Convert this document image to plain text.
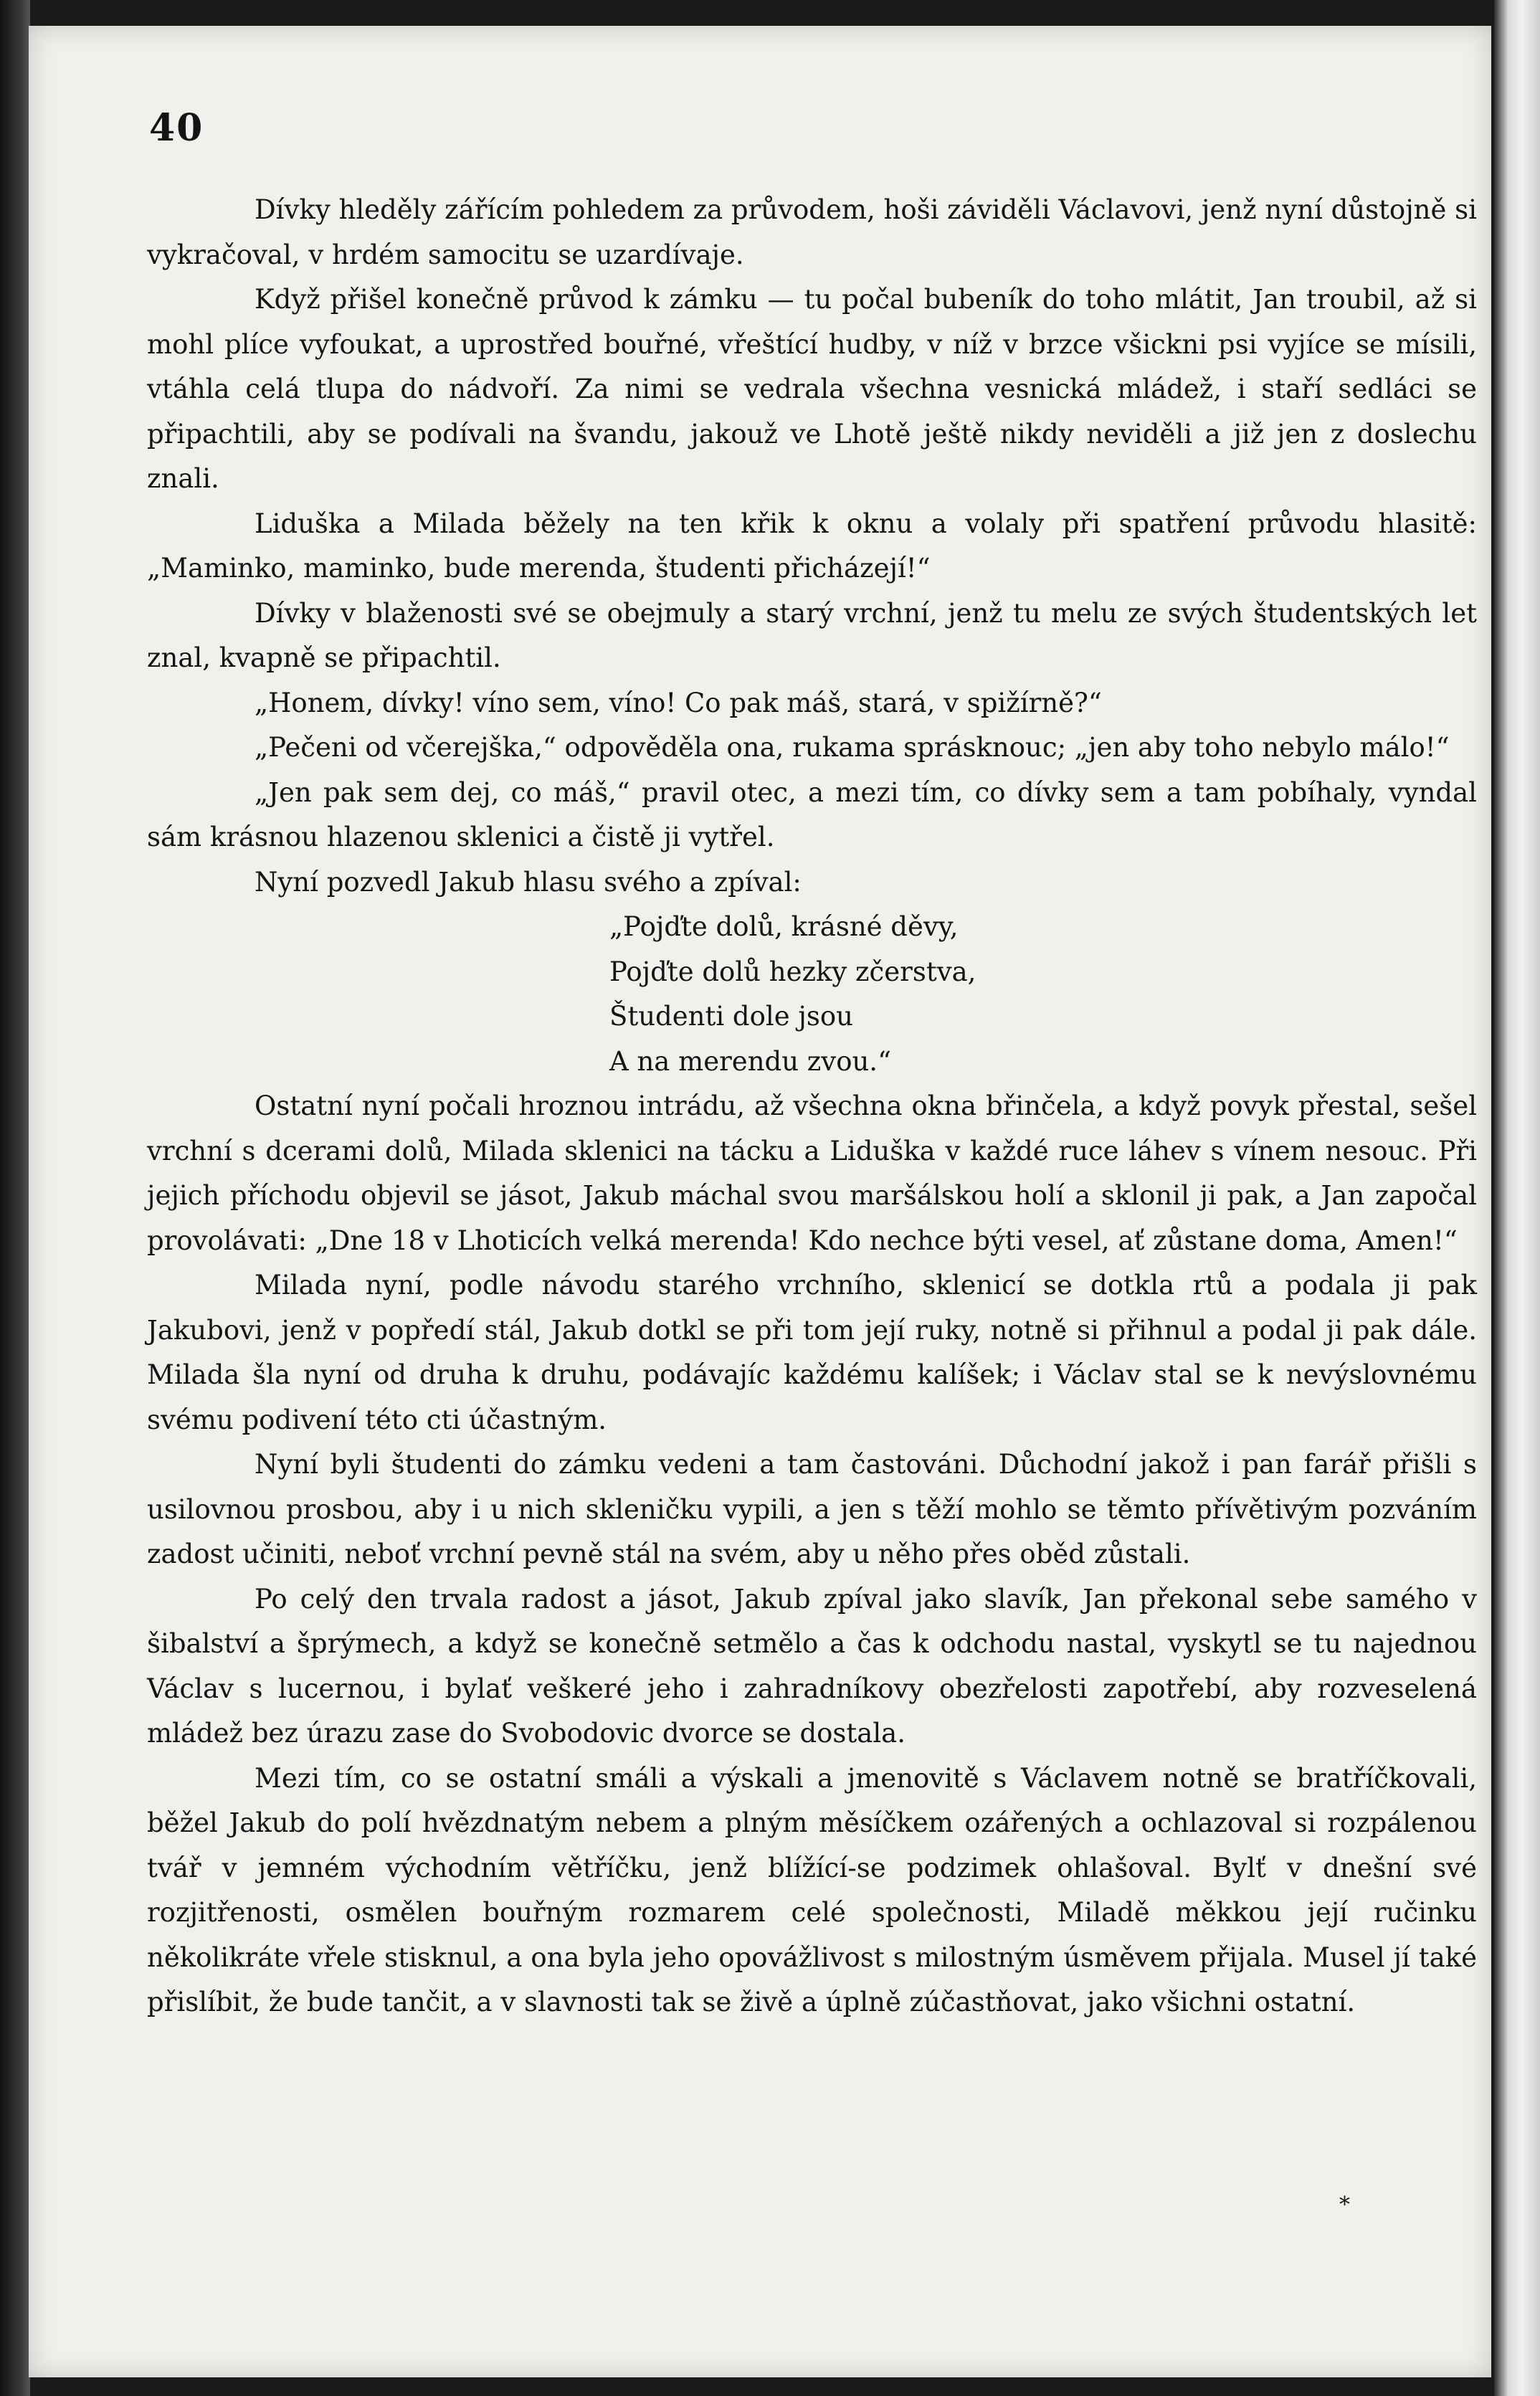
40

Dívky hleděly zářícím pohledem za průvodem, hoši záviděli Václavovi, jenž nyní důstojně si vykračoval, v hrdém samocitu se uzardívaje.

Když přišel konečně průvod k zámku — tu počal bubeník do toho mlátit, Jan troubil, až si mohl plíce vyfoukat, a uprostřed bouřné, vřeštící hudby, v níž v brzce všickni psi vyjíce se mísili, vtáhla celá tlupa do nádvoří. Za nimi se vedrala všechna vesnická mládež, i staří sedláci se připachtili, aby se podívali na švandu, jakouž ve Lhotě ještě nikdy neviděli a již jen z doslechu znali.

Liduška a Milada běžely na ten křik k oknu a volaly při spatření průvodu hlasitě: „Maminko, maminko, bude merenda, študenti přicházejí!“

Dívky v blaženosti své se obejmuly a starý vrchní, jenž tu melu ze svých študentských let znal, kvapně se připachtil.

„Honem, dívky! víno sem, víno! Co pak máš, stará, v spižírně?“

„Pečeni od včerejška,“ odpověděla ona, rukama sprásknouc; „jen aby toho nebylo málo!“

„Jen pak sem dej, co máš,“ pravil otec, a mezi tím, co dívky sem a tam pobíhaly, vyndal sám krásnou hlazenou sklenici a čistě ji vytřel.

Nyní pozvedl Jakub hlasu svého a zpíval:

„Pojďte dolů, krásné děvy,
Pojďte dolů hezky zčerstva,
Študenti dole jsou
A na merendu zvou.“

Ostatní nyní počali hroznou intrádu, až všechna okna břinčela, a když povyk přestal, sešel vrchní s dcerami dolů, Milada sklenici na tácku a Liduška v každé ruce láhev s vínem nesouc. Při jejich příchodu objevil se jásot, Jakub máchal svou maršálskou holí a sklonil ji pak, a Jan započal provolávati: „Dne 18 v Lhoticích velká merenda! Kdo nechce býti vesel, ať zůstane doma, Amen!“

Milada nyní, podle návodu starého vrchního, sklenicí se dotkla rtů a podala ji pak Jakubovi, jenž v popředí stál, Jakub dotkl se při tom její ruky, notně si přihnul a podal ji pak dále. Milada šla nyní od druha k druhu, podávajíc každému kalíšek; i Václav stal se k nevýslovnému svému podivení této cti účastným.

Nyní byli študenti do zámku vedeni a tam častováni. Důchodní jakož i pan farář přišli s usilovnou prosbou, aby i u nich skleničku vypili, a jen s těží mohlo se těmto přívětivým pozváním zadost učiniti, neboť vrchní pevně stál na svém, aby u něho přes oběd zůstali.

Po celý den trvala radost a jásot, Jakub zpíval jako slavík, Jan překonal sebe samého v šibalství a šprýmech, a když se konečně setmělo a čas k odchodu nastal, vyskytl se tu najednou Václav s lucernou, i bylať veškeré jeho i zahradníkovy obezřelosti zapotřebí, aby rozveselená mládež bez úrazu zase do Svobodovic dvorce se dostala.

Mezi tím, co se ostatní smáli a výskali a jmenovitě s Václavem notně se bratříčkovali, běžel Jakub do polí hvězdnatým nebem a plným měsíčkem ozářených a ochlazoval si rozpálenou tvář v jemném východním větříčku, jenž blížící-se podzimek ohlašoval. Bylť v dnešní své rozjitřenosti, osmělen bouřným rozmarem celé společnosti, Miladě měkkou její ručinku několikráte vřele stisknul, a ona byla jeho opovážlivost s milostným úsměvem přijala. Musel jí také přislíbit, že bude tančit, a v slavnosti tak se živě a úplně zúčastňovat, jako všichni ostatní.

*
